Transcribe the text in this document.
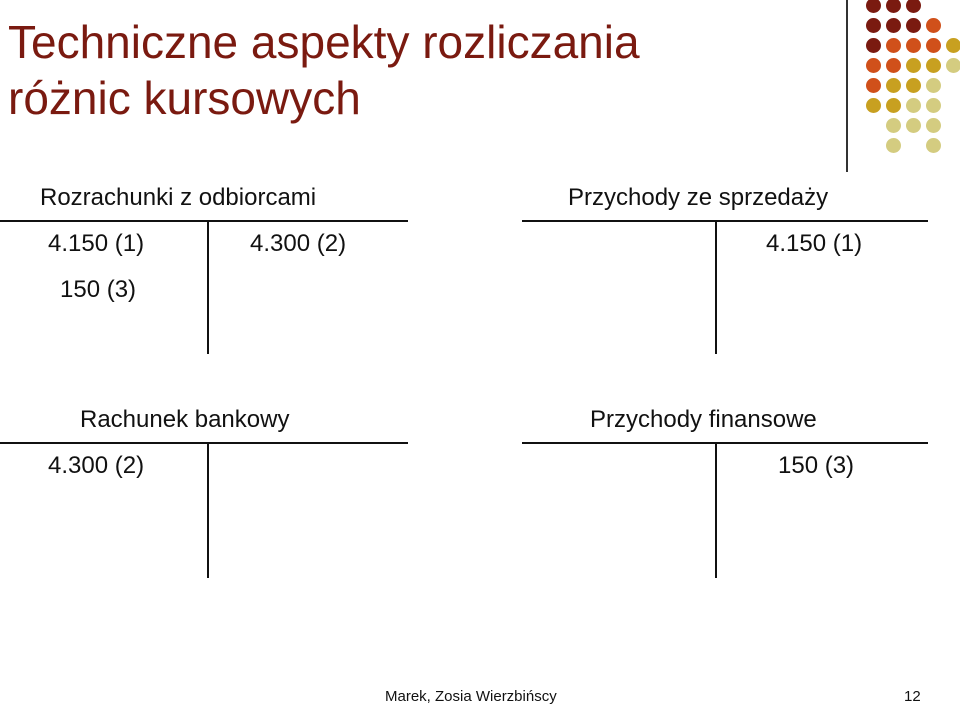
Techniczne aspekty rozliczania
różnic kursowych
Rozrachunki z odbiorcami
4.150 (1)
150 (3)
4.300 (2)
Przychody ze sprzedaży
4.150 (1)
Rachunek bankowy
4.300 (2)
Przychody finansowe
150 (3)
Marek, Zosia Wierzbińscy	12
